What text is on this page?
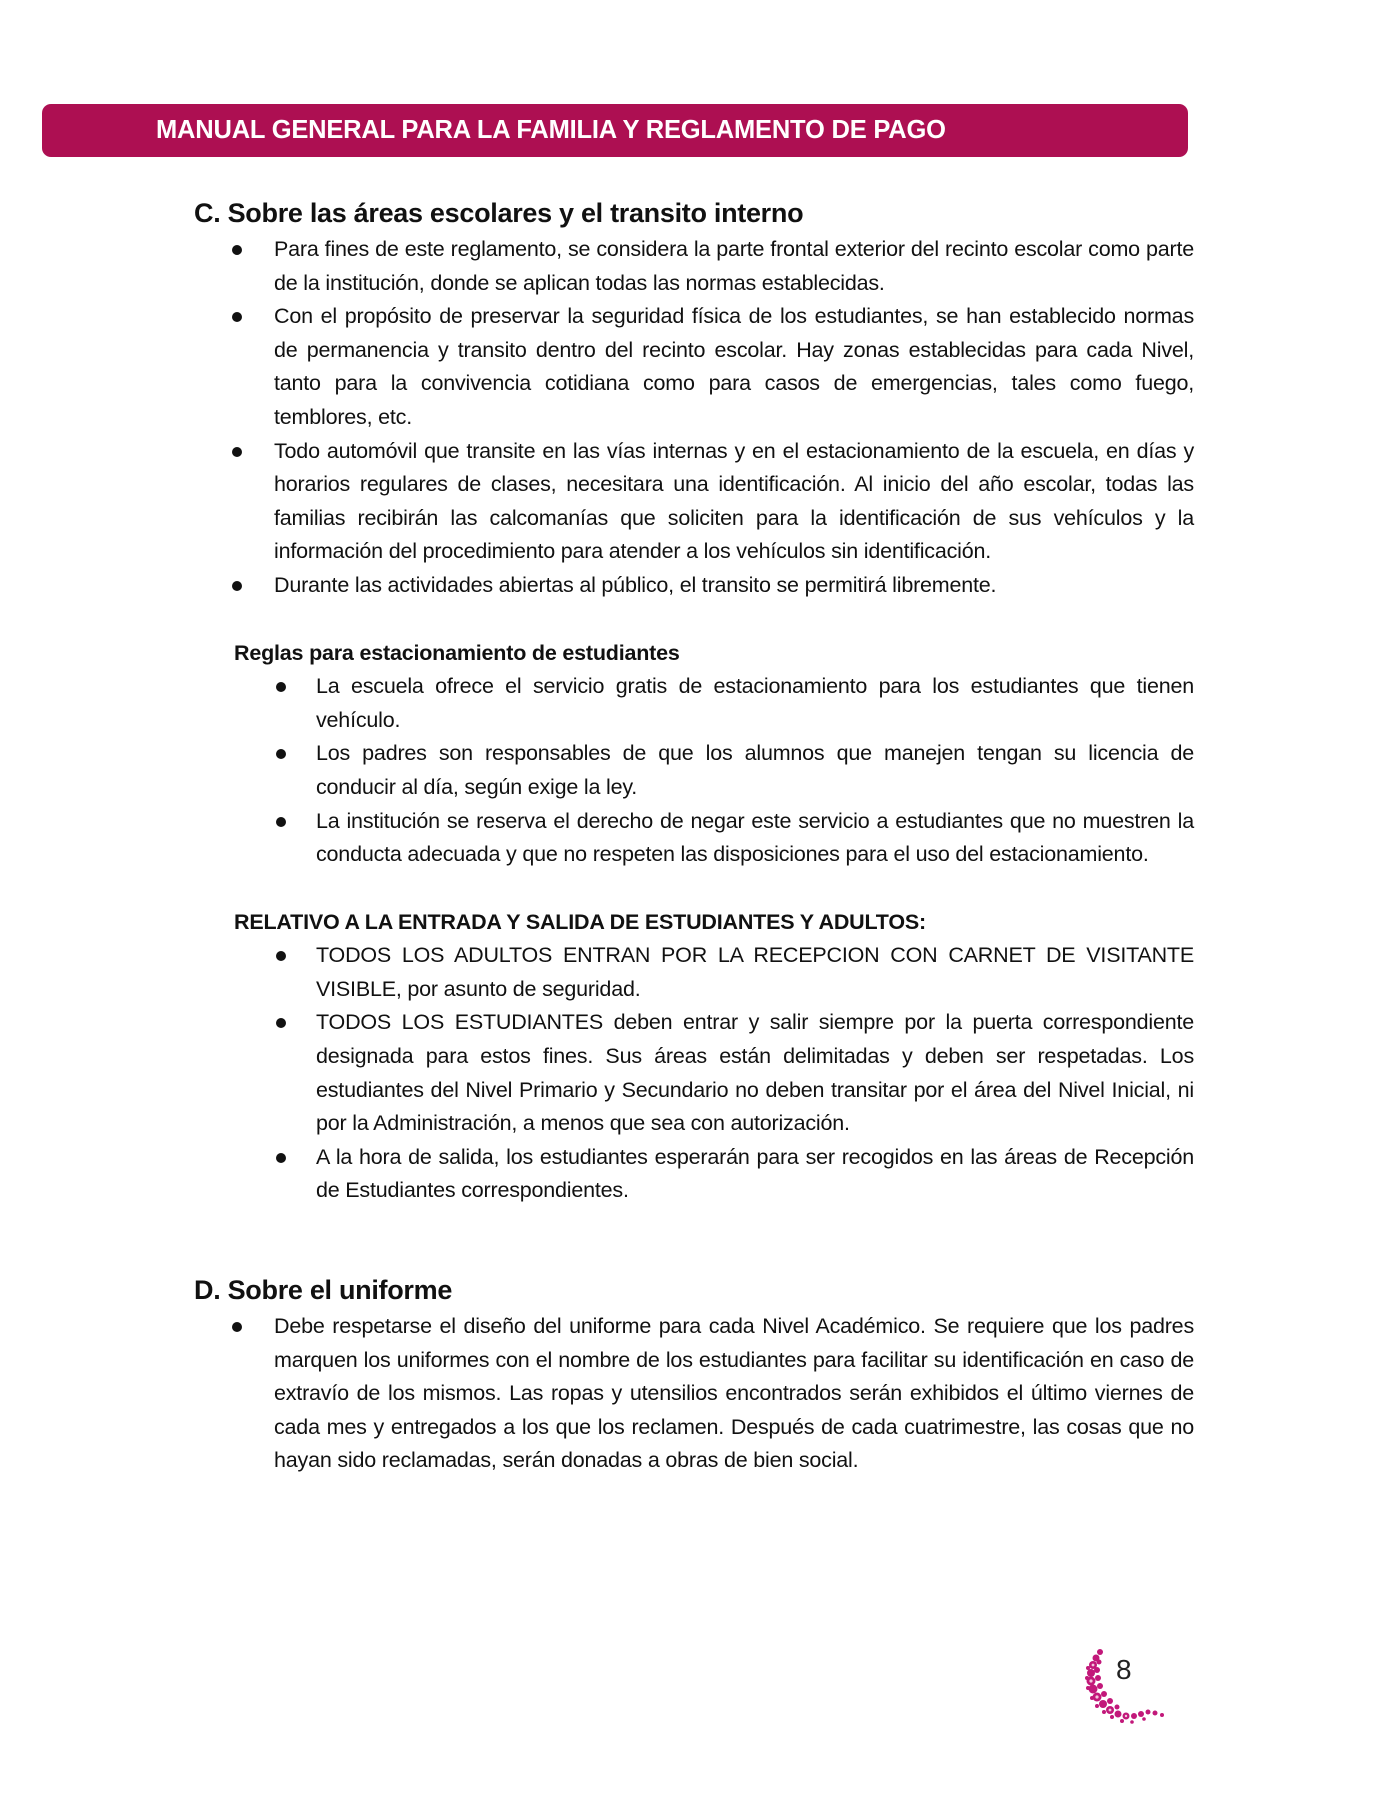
MANUAL GENERAL PARA LA FAMILIA Y REGLAMENTO DE PAGO
C. Sobre las áreas escolares y el transito interno
Para fines de este reglamento, se considera la parte frontal exterior del recinto escolar como parte de la institución, donde se aplican todas las normas establecidas.
Con el propósito de preservar la seguridad física de los estudiantes, se han establecido normas de permanencia y transito dentro del recinto escolar. Hay zonas establecidas para cada Nivel, tanto para la convivencia cotidiana como para casos de emergencias, tales como fuego, temblores, etc.
Todo automóvil que transite en las vías internas y en el estacionamiento de la escuela, en días y horarios regulares de clases, necesitara una identificación. Al inicio del año escolar, todas las familias recibirán las calcomanías que soliciten para la identificación de sus vehículos y la información del procedimiento para atender a los vehículos sin identificación.
Durante las actividades abiertas al público, el transito se permitirá libremente.
Reglas para estacionamiento de estudiantes
La escuela ofrece el servicio gratis de estacionamiento para los estudiantes que tienen vehículo.
Los padres son responsables de que los alumnos que manejen tengan su licencia de conducir al día, según exige la ley.
La institución se reserva el derecho de negar este servicio a estudiantes que no muestren la conducta adecuada y que no respeten las disposiciones para el uso del estacionamiento.
RELATIVO A LA ENTRADA Y SALIDA DE ESTUDIANTES Y ADULTOS:
TODOS LOS ADULTOS ENTRAN POR LA RECEPCION CON CARNET DE VISITANTE VISIBLE, por asunto de seguridad.
TODOS LOS ESTUDIANTES deben entrar y salir siempre por la puerta correspondiente designada para estos fines. Sus áreas están delimitadas y deben ser respetadas. Los estudiantes del Nivel Primario y Secundario no deben transitar por el área del Nivel Inicial, ni por la Administración, a menos que sea con autorización.
A la hora de salida, los estudiantes esperarán para ser recogidos en las áreas de Recepción de Estudiantes correspondientes.
D. Sobre el uniforme
Debe respetarse el diseño del uniforme para cada Nivel Académico. Se requiere que los padres marquen los uniformes con el nombre de los estudiantes para facilitar su identificación en caso de extravío de los mismos. Las ropas y utensilios encontrados serán exhibidos el último viernes de cada mes y entregados a los que los reclamen. Después de cada cuatrimestre, las cosas que no hayan sido reclamadas, serán donadas a obras de bien social.
8
